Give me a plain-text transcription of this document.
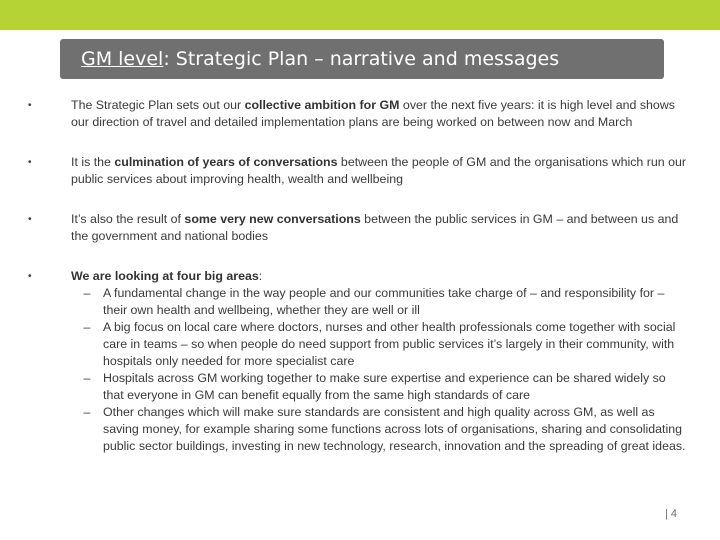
GM level: Strategic Plan – narrative and messages
•	The Strategic Plan sets out our collective ambition for GM over the next five years: it is high level and shows our direction of travel and detailed implementation plans are being worked on between now and March
•	It is the culmination of years of conversations between the people of GM and the organisations which run our public services about improving health, wealth and wellbeing
•	It’s also the result of some very new conversations between the public services in GM – and between us and the government and national bodies
•	We are looking at four big areas:
–	A fundamental change in the way people and our communities take charge of – and responsibility for – their own health and wellbeing, whether they are well or ill
–	A big focus on local care where doctors, nurses and other health professionals come together with social care in teams – so when people do need support from public services it’s largely in their community, with hospitals only needed for more specialist care
–	Hospitals across GM working together to make sure expertise and experience can be shared widely so that everyone in GM can benefit equally from the same high standards of care
–	Other changes which will make sure standards are consistent and high quality across GM, as well as saving money, for example sharing some functions across lots of organisations, sharing and consolidating public sector buildings, investing in new technology, research, innovation and the spreading of great ideas.
| 4
